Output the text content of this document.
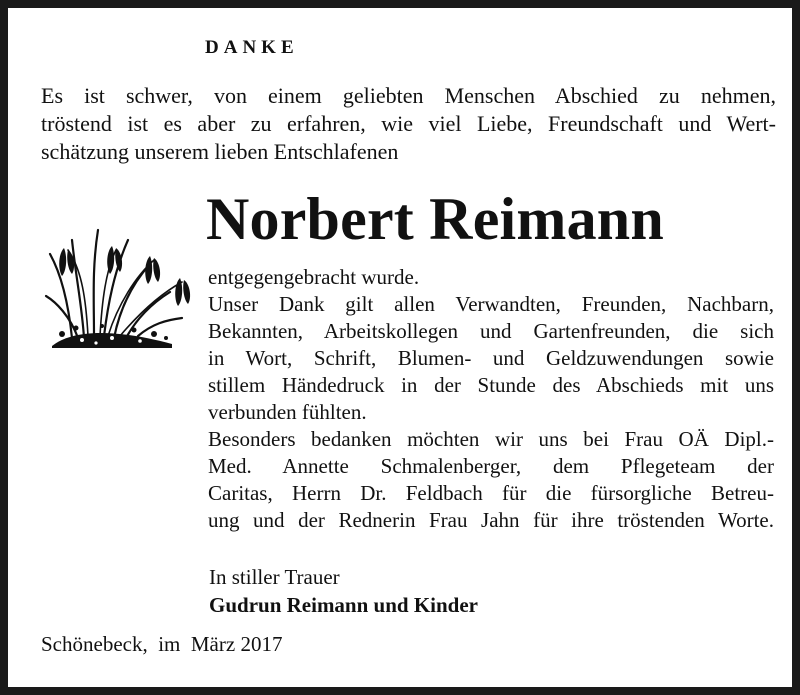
DANKE
Es ist schwer, von einem geliebten Menschen Abschied zu nehmen,
tröstend ist es aber zu erfahren, wie viel Liebe, Freundschaft und Wert-
schätzung unserem lieben Entschlafenen
Norbert Reimann
entgegengebracht wurde.
Unser Dank gilt allen Verwandten, Freunden, Nachbarn,
Bekannten, Arbeitskollegen und Gartenfreunden, die sich
in Wort, Schrift, Blumen- und Geldzuwendungen sowie
stillem Händedruck in der Stunde des Abschieds mit uns
verbunden fühlten.
Besonders bedanken möchten wir uns bei Frau OÄ Dipl.-
Med. Annette Schmalenberger, dem Pflegeteam der
Caritas, Herrn Dr. Feldbach für die fürsorgliche Betreu-
ung und der Rednerin Frau Jahn für ihre tröstenden Worte.
In stiller Trauer
Gudrun Reimann und Kinder
Schönebeck,  im  März 2017
